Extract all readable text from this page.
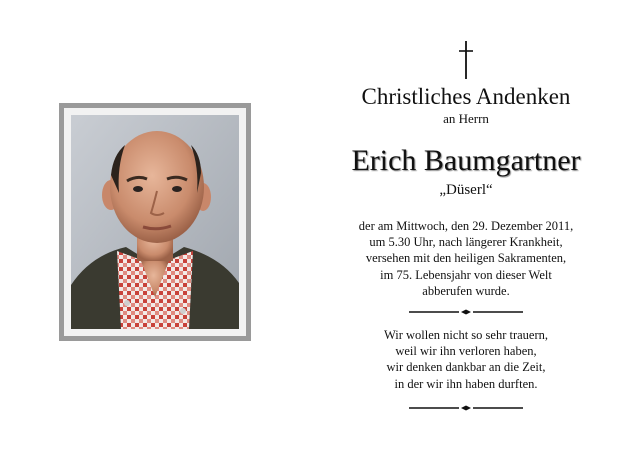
Christliches Andenken
an Herrn
Erich Baumgartner
„Düserl“
der am Mittwoch, den 29. Dezember 2011,
um 5.30 Uhr, nach längerer Krankheit,
versehen mit den heiligen Sakramenten,
im 75. Lebensjahr von dieser Welt
abberufen wurde.
Wir wollen nicht so sehr trauern,
weil wir ihn verloren haben,
wir denken dankbar an die Zeit,
in der wir ihn haben durften.
